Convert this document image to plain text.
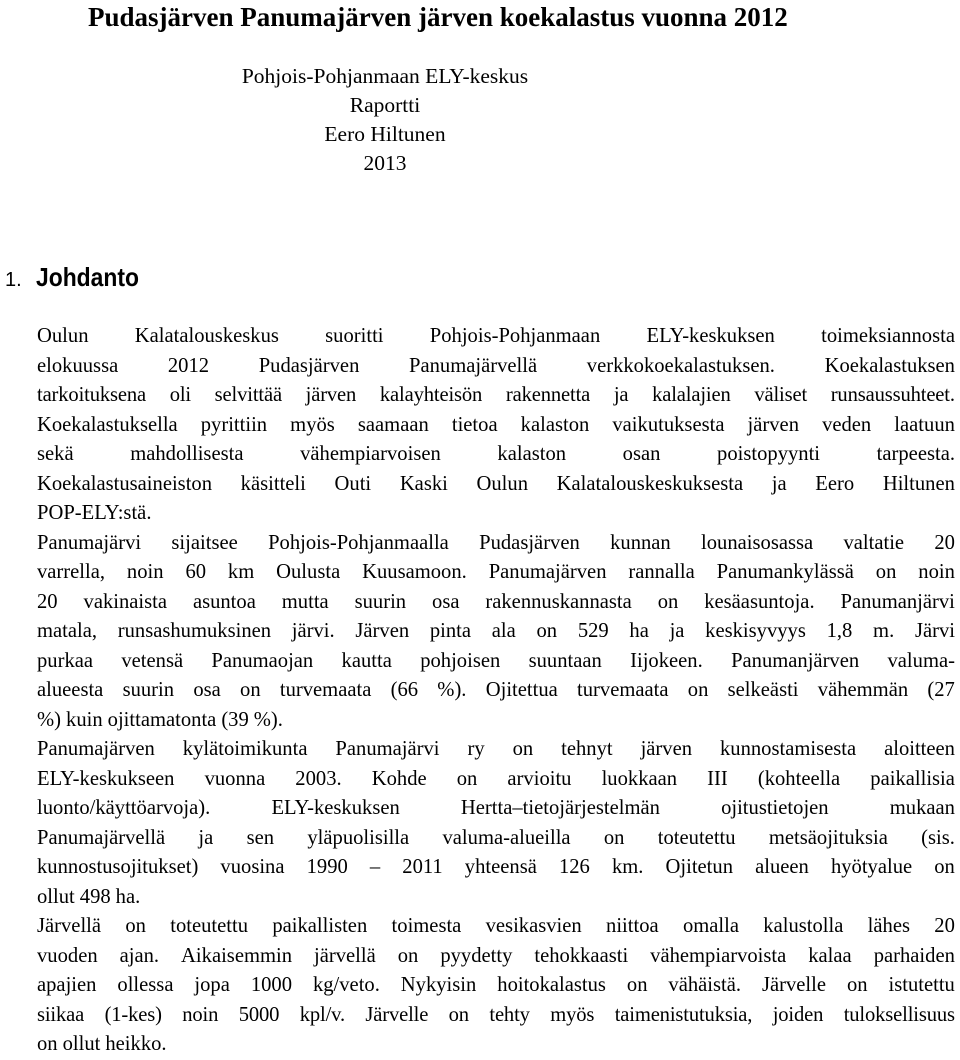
Pudasjärven Panumajärven järven koekalastus vuonna 2012
Pohjois-Pohjanmaan ELY-keskus
Raportti
Eero Hiltunen
2013
1. Johdanto
Oulun Kalatalouskeskus suoritti Pohjois-Pohjanmaan ELY-keskuksen toimeksiannosta
elokuussa 2012 Pudasjärven Panumajärvellä verkkokoekalastuksen. Koekalastuksen
tarkoituksena oli selvittää järven kalayhteisön rakennetta ja kalalajien väliset runsaussuhteet.
Koekalastuksella pyrittiin myös saamaan tietoa kalaston vaikutuksesta järven veden laatuun
sekä	mahdollisesta	vähempiarvoisen	kalaston	osan	poistopyynti	tarpeesta.
Koekalastusaineiston käsitteli Outi Kaski Oulun Kalatalouskeskuksesta ja Eero Hiltunen
POP-ELY:stä.
Panumajärvi sijaitsee Pohjois-Pohjanmaalla Pudasjärven kunnan lounaisosassa valtatie 20
varrella, noin 60 km Oulusta Kuusamoon. Panumajärven rannalla Panumankylässä on noin
20 vakinaista asuntoa mutta suurin osa rakennuskannasta on kesäasuntoja. Panumanjärvi
matala, runsashumuksinen järvi. Järven pinta ala on 529 ha ja keskisyvyys 1,8 m. Järvi
purkaa vetensä Panumaojan kautta pohjoisen suuntaan Iijokeen. Panumanjärven valuma-
alueesta suurin osa on turvemaata (66 %). Ojitettua turvemaata on selkeästi vähemmän (27
%) kuin ojittamatonta (39 %).
Panumajärven kylätoimikunta Panumajärvi ry on tehnyt järven kunnostamisesta aloitteen
ELY-keskukseen vuonna 2003. Kohde on arvioitu luokkaan III (kohteella paikallisia
luonto/käyttöarvoja).	ELY-keskuksen	Hertta–tietojärjestelmän	ojitustietojen	mukaan
Panumajärvellä ja sen yläpuolisilla valuma-alueilla on toteutettu metsäojituksia (sis.
kunnostusojitukset) vuosina 1990 – 2011 yhteensä 126 km. Ojitetun alueen hyötyalue on
ollut 498 ha.
Järvellä on toteutettu paikallisten toimesta vesikasvien niittoa omalla kalustolla lähes 20
vuoden ajan. Aikaisemmin järvellä on pyydetty tehokkaasti vähempiarvoista kalaa parhaiden
apajien ollessa jopa 1000 kg/veto. Nykyisin hoitokalastus on vähäistä. Järvelle on istutettu
siikaa (1-kes) noin 5000 kpl/v. Järvelle on tehty myös taimenistutuksia, joiden tuloksellisuus
on ollut heikko.
